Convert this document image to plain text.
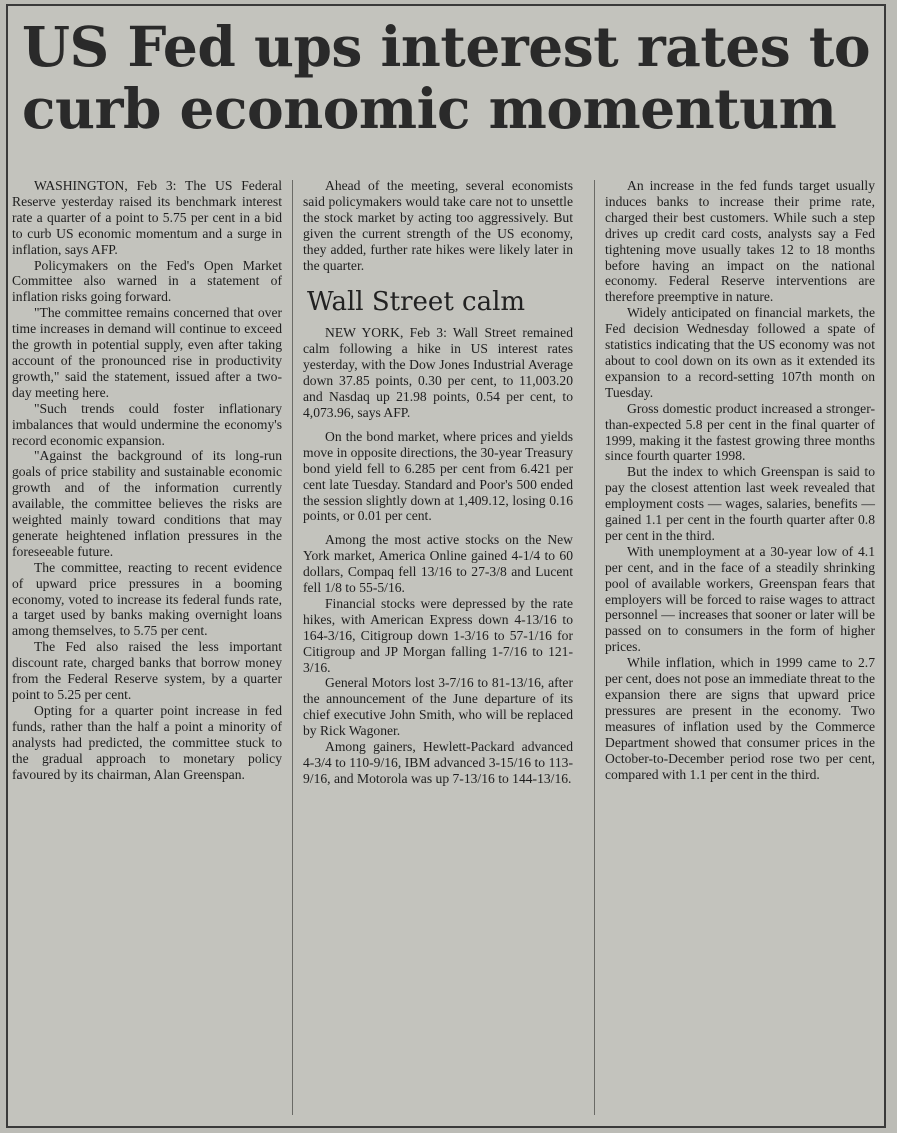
US Fed ups interest rates to curb economic momentum

WASHINGTON, Feb 3: The US Federal Reserve yesterday raised its benchmark interest rate a quarter of a point to 5.75 per cent in a bid to curb US economic momentum and a surge in inflation, says AFP.

Policymakers on the Fed's Open Market Committee also warned in a statement of inflation risks going forward.

"The committee remains concerned that over time increases in demand will continue to exceed the growth in potential supply, even after taking account of the pronounced rise in productivity growth," said the statement, issued after a two-day meeting here.

"Such trends could foster inflationary imbalances that would undermine the economy's record economic expansion.

"Against the background of its long-run goals of price stability and sustainable economic growth and of the information currently available, the committee believes the risks are weighted mainly toward conditions that may generate heightened inflation pressures in the foreseeable future.

The committee, reacting to recent evidence of upward price pressures in a booming economy, voted to increase its federal funds rate, a target used by banks making overnight loans among themselves, to 5.75 per cent.

The Fed also raised the less important discount rate, charged banks that borrow money from the Federal Reserve system, by a quarter point to 5.25 per cent.

Opting for a quarter point increase in fed funds, rather than the half a point a minority of analysts had predicted, the committee stuck to the gradual approach to monetary policy favoured by its chairman, Alan Greenspan.

Ahead of the meeting, several economists said policymakers would take care not to unsettle the stock market by acting too aggressively. But given the current strength of the US economy, they added, further rate hikes were likely later in the quarter.

Wall Street calm

NEW YORK, Feb 3: Wall Street remained calm following a hike in US interest rates yesterday, with the Dow Jones Industrial Average down 37.85 points, 0.30 per cent, to 11,003.20 and Nasdaq up 21.98 points, 0.54 per cent, to 4,073.96, says AFP.

On the bond market, where prices and yields move in opposite directions, the 30-year Treasury bond yield fell to 6.285 per cent from 6.421 per cent late Tuesday. Standard and Poor's 500 ended the session slightly down at 1,409.12, losing 0.16 points, or 0.01 per cent.

Among the most active stocks on the New York market, America Online gained 4-1/4 to 60 dollars, Compaq fell 13/16 to 27-3/8 and Lucent fell 1/8 to 55-5/16.

Financial stocks were depressed by the rate hikes, with American Express down 4-13/16 to 164-3/16, Citigroup down 1-3/16 to 57-1/16 for Citigroup and JP Morgan falling 1-7/16 to 121-3/16.

General Motors lost 3-7/16 to 81-13/16, after the announcement of the June departure of its chief executive John Smith, who will be replaced by Rick Wagoner.

Among gainers, Hewlett-Packard advanced 4-3/4 to 110-9/16, IBM advanced 3-15/16 to 113-9/16, and Motorola was up 7-13/16 to 144-13/16.

An increase in the fed funds target usually induces banks to increase their prime rate, charged their best customers. While such a step drives up credit card costs, analysts say a Fed tightening move usually takes 12 to 18 months before having an impact on the national economy. Federal Reserve interventions are therefore preemptive in nature.

Widely anticipated on financial markets, the Fed decision Wednesday followed a spate of statistics indicating that the US economy was not about to cool down on its own as it extended its expansion to a record-setting 107th month on Tuesday.

Gross domestic product increased a stronger-than-expected 5.8 per cent in the final quarter of 1999, making it the fastest growing three months since fourth quarter 1998.

But the index to which Greenspan is said to pay the closest attention last week revealed that employment costs — wages, salaries, benefits — gained 1.1 per cent in the fourth quarter after 0.8 per cent in the third.

With unemployment at a 30-year low of 4.1 per cent, and in the face of a steadily shrinking pool of available workers, Greenspan fears that employers will be forced to raise wages to attract personnel — increases that sooner or later will be passed on to consumers in the form of higher prices.

While inflation, which in 1999 came to 2.7 per cent, does not pose an immediate threat to the expansion there are signs that upward price pressures are present in the economy. Two measures of inflation used by the Commerce Department showed that consumer prices in the October-to-December period rose two per cent, compared with 1.1 per cent in the third.
